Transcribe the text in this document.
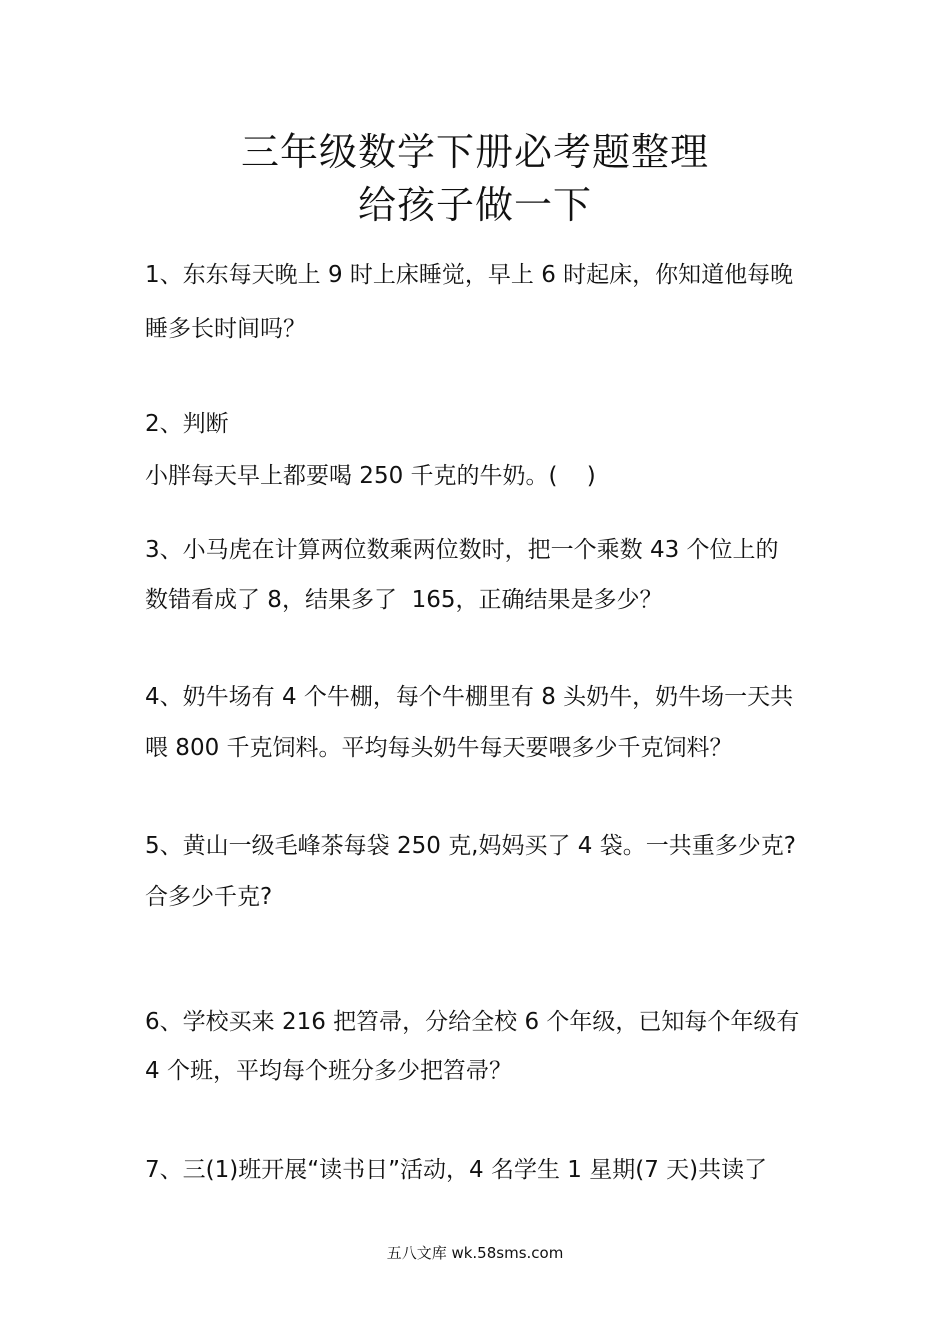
三年级数学下册必考题整理
给孩子做一下
1、东东每天晚上 9 时上床睡觉，早上 6 时起床，你知道他每晚
睡多长时间吗？
2、判断
小胖每天早上都要喝 250 千克的牛奶。(    )
3、小马虎在计算两位数乘两位数时，把一个乘数 43 个位上的
数错看成了 8，结果多了  165，正确结果是多少？
4、奶牛场有 4 个牛棚，每个牛棚里有 8 头奶牛，奶牛场一天共
喂 800 千克饲料。平均每头奶牛每天要喂多少千克饲料？
5、黄山一级毛峰茶每袋 250 克,妈妈买了 4 袋。一共重多少克?
合多少千克?
6、学校买来 216 把笤帚，分给全校 6 个年级，已知每个年级有
4 个班，平均每个班分多少把笤帚？
7、三(1)班开展“读书日”活动，4 名学生 1 星期(7 天)共读了
五八文库 wk.58sms.com
